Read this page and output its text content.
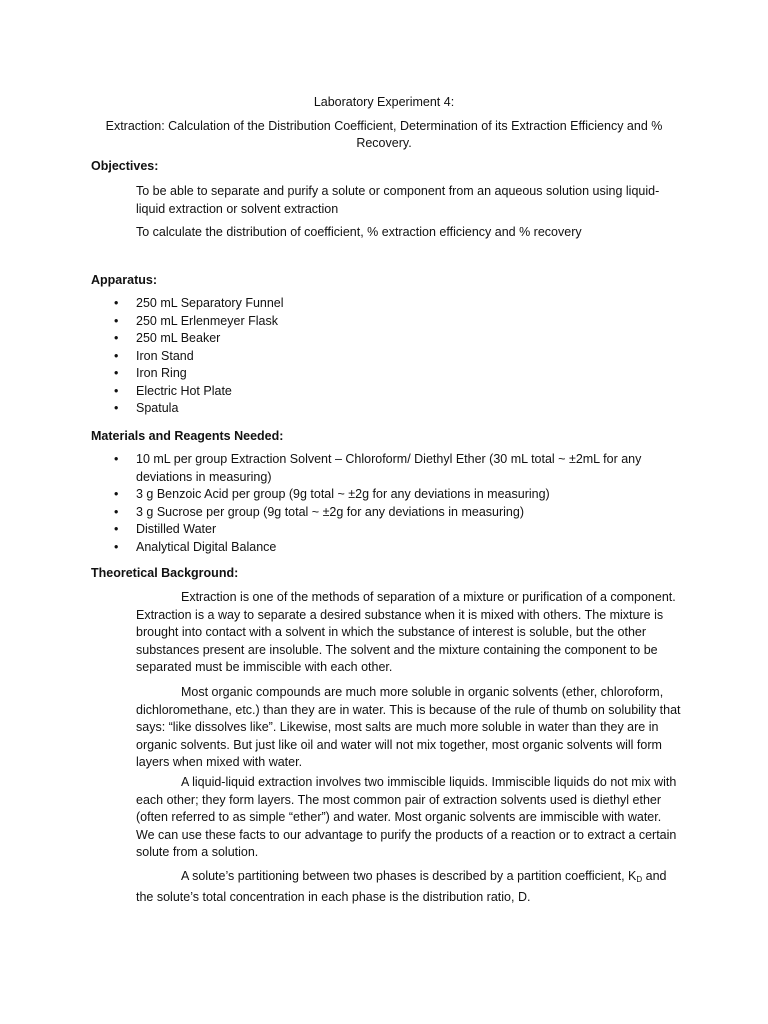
Laboratory Experiment 4:
Extraction: Calculation of the Distribution Coefficient, Determination of its Extraction Efficiency and % Recovery.
Objectives:

To be able to separate and purify a solute or component from an aqueous solution using liquid-liquid extraction or solvent extraction

To calculate the distribution of coefficient, % extraction efficiency and % recovery

Apparatus:
• 250 mL Separatory Funnel
• 250 mL Erlenmeyer Flask
• 250 mL Beaker
• Iron Stand
• Iron Ring
• Electric Hot Plate
• Spatula
Materials and Reagents Needed:
• 10 mL per group Extraction Solvent – Chloroform/ Diethyl Ether (30 mL total ~ ±2mL for any deviations in measuring)
• 3 g Benzoic Acid per group (9g total ~ ±2g for any deviations in measuring)
• 3 g Sucrose per group (9g total ~ ±2g for any deviations in measuring)
• Distilled Water
• Analytical Digital Balance
Theoretical Background:

Extraction is one of the methods of separation of a mixture or purification of a component. Extraction is a way to separate a desired substance when it is mixed with others. The mixture is brought into contact with a solvent in which the substance of interest is soluble, but the other substances present are insoluble. The solvent and the mixture containing the component to be separated must be immiscible with each other.

Most organic compounds are much more soluble in organic solvents (ether, chloroform, dichloromethane, etc.) than they are in water. This is because of the rule of thumb on solubility that says: “like dissolves like”. Likewise, most salts are much more soluble in water than they are in organic solvents. But just like oil and water will not mix together, most organic solvents will form layers when mixed with water.

A liquid-liquid extraction involves two immiscible liquids. Immiscible liquids do not mix with each other; they form layers. The most common pair of extraction solvents used is diethyl ether (often referred to as simple “ether”) and water. Most organic solvents are immiscible with water. We can use these facts to our advantage to purify the products of a reaction or to extract a certain solute from a solution.

A solute’s partitioning between two phases is described by a partition coefficient, $K_D$ and the solute’s total concentration in each phase is the distribution ratio, D.
